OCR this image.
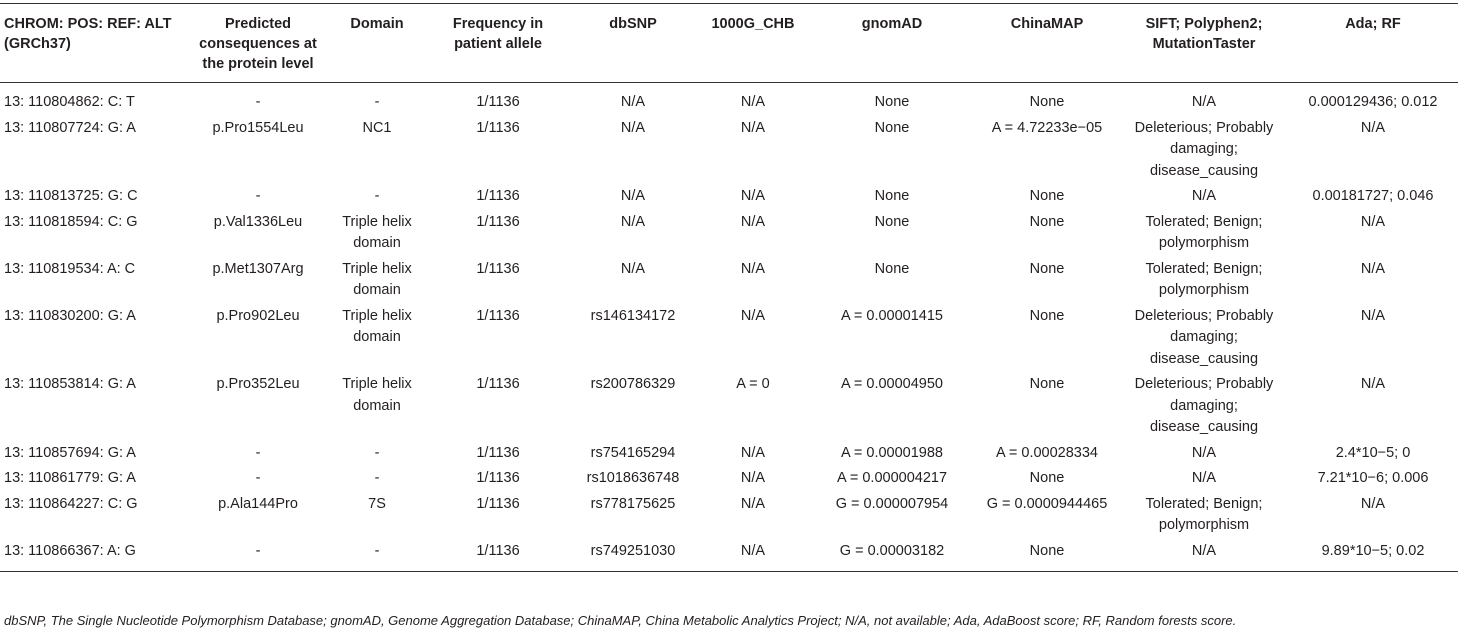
CHROM: POS: REF: ALT (GRCh37)	Predicted consequences at the protein level	Domain	Frequency in patient allele	dbSNP	1000G_CHB	gnomAD	ChinaMAP	SIFT; Polyphen2; MutationTaster	Ada; RF
13: 110804862: C: T	-	-	1/1136	N/A	N/A	None	None	N/A	0.000129436; 0.012
13: 110807724: G: A	p.Pro1554Leu	NC1	1/1136	N/A	N/A	None	A = 4.72233e−05	Deleterious; Probably damaging; disease_causing	N/A
13: 110813725: G: C	-	-	1/1136	N/A	N/A	None	None	N/A	0.00181727; 0.046
13: 110818594: C: G	p.Val1336Leu	Triple helix domain	1/1136	N/A	N/A	None	None	Tolerated; Benign; polymorphism	N/A
13: 110819534: A: C	p.Met1307Arg	Triple helix domain	1/1136	N/A	N/A	None	None	Tolerated; Benign; polymorphism	N/A
13: 110830200: G: A	p.Pro902Leu	Triple helix domain	1/1136	rs146134172	N/A	A = 0.00001415	None	Deleterious; Probably damaging; disease_causing	N/A
13: 110853814: G: A	p.Pro352Leu	Triple helix domain	1/1136	rs200786329	A = 0	A = 0.00004950	None	Deleterious; Probably damaging; disease_causing	N/A
13: 110857694: G: A	-	-	1/1136	rs754165294	N/A	A = 0.00001988	A = 0.00028334	N/A	2.4*10−5; 0
13: 110861779: G: A	-	-	1/1136	rs1018636748	N/A	A = 0.000004217	None	N/A	7.21*10−6; 0.006
13: 110864227: C: G	p.Ala144Pro	7S	1/1136	rs778175625	N/A	G = 0.000007954	G = 0.0000944465	Tolerated; Benign; polymorphism	N/A
13: 110866367: A: G	-	-	1/1136	rs749251030	N/A	G = 0.00003182	None	N/A	9.89*10−5; 0.02
dbSNP, The Single Nucleotide Polymorphism Database; gnomAD, Genome Aggregation Database; ChinaMAP, China Metabolic Analytics Project; N/A, not available; Ada, AdaBoost score; RF, Random forests score.
